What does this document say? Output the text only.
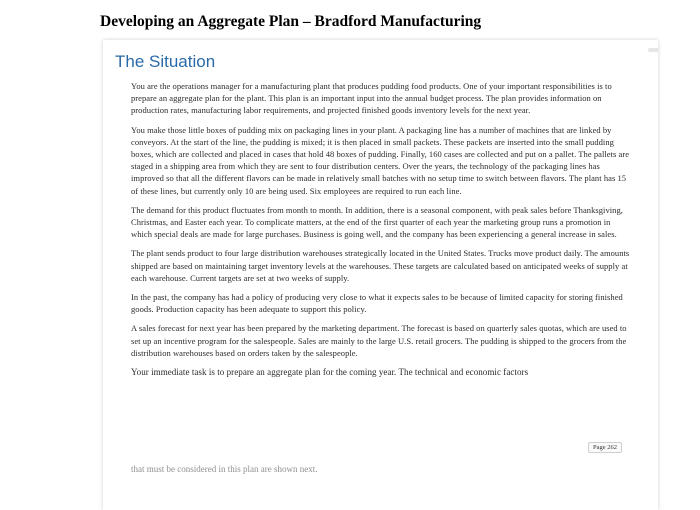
Developing an Aggregate Plan – Bradford Manufacturing
The Situation

You are the operations manager for a manufacturing plant that produces pudding food products. One of your important responsibilities is to prepare an aggregate plan for the plant. This plan is an important input into the annual budget process. The plan provides information on production rates, manufacturing labor requirements, and projected finished goods inventory levels for the next year.

You make those little boxes of pudding mix on packaging lines in your plant. A packaging line has a number of machines that are linked by conveyors. At the start of the line, the pudding is mixed; it is then placed in small packets. These packets are inserted into the small pudding boxes, which are collected and placed in cases that hold 48 boxes of pudding. Finally, 160 cases are collected and put on a pallet. The pallets are staged in a shipping area from which they are sent to four distribution centers. Over the years, the technology of the packaging lines has improved so that all the different flavors can be made in relatively small batches with no setup time to switch between flavors. The plant has 15 of these lines, but currently only 10 are being used. Six employees are required to run each line.

The demand for this product fluctuates from month to month. In addition, there is a seasonal component, with peak sales before Thanksgiving, Christmas, and Easter each year. To complicate matters, at the end of the first quarter of each year the marketing group runs a promotion in which special deals are made for large purchases. Business is going well, and the company has been experiencing a general increase in sales.

The plant sends product to four large distribution warehouses strategically located in the United States. Trucks move product daily. The amounts shipped are based on maintaining target inventory levels at the warehouses. These targets are calculated based on anticipated weeks of supply at each warehouse. Current targets are set at two weeks of supply.

In the past, the company has had a policy of producing very close to what it expects sales to be because of limited capacity for storing finished goods. Production capacity has been adequate to support this policy.

A sales forecast for next year has been prepared by the marketing department. The forecast is based on quarterly sales quotas, which are used to set up an incentive program for the salespeople. Sales are mainly to the large U.S. retail grocers. The pudding is shipped to the grocers from the distribution warehouses based on orders taken by the salespeople.

Your immediate task is to prepare an aggregate plan for the coming year. The technical and economic factors

Page 262
that must be considered in this plan are shown next.
